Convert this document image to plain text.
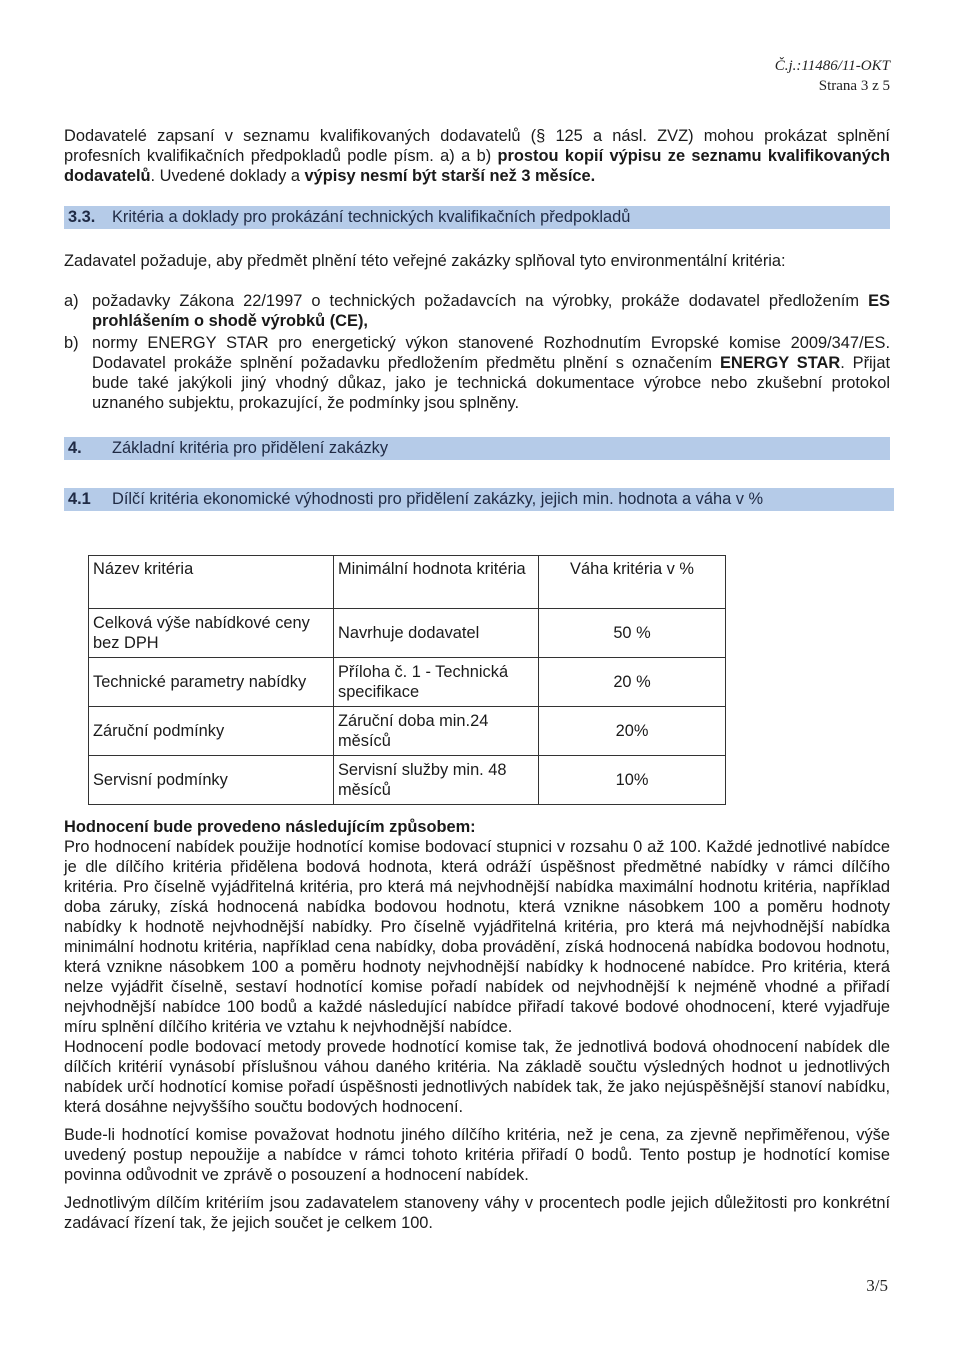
Č.j.:11486/11-OKT
Strana 3 z 5

Dodavatelé zapsaní v seznamu kvalifikovaných dodavatelů (§ 125 a násl. ZVZ) mohou prokázat splnění profesních kvalifikačních předpokladů podle písm. a) a b) prostou kopií výpisu ze seznamu kvalifikovaných dodavatelů. Uvedené doklady a výpisy nesmí být starší než 3 měsíce.

3.3. Kritéria a doklady pro prokázání technických kvalifikačních předpokladů

Zadavatel požaduje, aby předmět plnění této veřejné zakázky splňoval tyto environmentální kritéria:

a) požadavky Zákona 22/1997 o technických požadavcích na výrobky, prokáže dodavatel předložením ES prohlášením o shodě výrobků (CE),
b) normy ENERGY STAR pro energetický výkon stanovené Rozhodnutím Evropské komise 2009/347/ES. Dodavatel prokáže splnění požadavku předložením předmětu plnění s označením ENERGY STAR. Přijat bude také jakýkoli jiný vhodný důkaz, jako je technická dokumentace výrobce nebo zkušební protokol uznaného subjektu, prokazující, že podmínky jsou splněny.
4. Základní kritéria pro přidělení zakázky
4.1 Dílčí kritéria ekonomické výhodnosti pro přidělení zakázky, jejich min. hodnota a váha v %
Název kritéria	Minimální hodnota kritéria	Váha kritéria v %
Celková výše nabídkové ceny bez DPH	Navrhuje dodavatel	50 %
Technické parametry nabídky	Příloha č. 1 - Technická specifikace	20 %
Záruční podmínky	Záruční doba min.24 měsíců	20%
Servisní podmínky	Servisní služby min. 48 měsíců	10%

Hodnocení bude provedeno následujícím způsobem:

Pro hodnocení nabídek použije hodnotící komise bodovací stupnici v rozsahu 0 až 100. Každé jednotlivé nabídce je dle dílčího kritéria přidělena bodová hodnota, která odráží úspěšnost předmětné nabídky v rámci dílčího kritéria. Pro číselně vyjádřitelná kritéria, pro která má nejvhodnější nabídka maximální hodnotu kritéria, například doba záruky, získá hodnocená nabídka bodovou hodnotu, která vznikne násobkem 100 a poměru hodnoty nabídky k hodnotě nejvhodnější nabídky. Pro číselně vyjádřitelná kritéria, pro která má nejvhodnější nabídka minimální hodnotu kritéria, například cena nabídky, doba provádění, získá hodnocená nabídka bodovou hodnotu, která vznikne násobkem 100 a poměru hodnoty nejvhodnější nabídky k hodnocené nabídce. Pro kritéria, která nelze vyjádřit číselně, sestaví hodnotící komise pořadí nabídek od nejvhodnější k nejméně vhodné a přiřadí nejvhodnější nabídce 100 bodů a každé následující nabídce přiřadí takové bodové ohodnocení, které vyjadřuje míru splnění dílčího kritéria ve vztahu k nejvhodnější nabídce.

Hodnocení podle bodovací metody provede hodnotící komise tak, že jednotlivá bodová ohodnocení nabídek dle dílčích kritérií vynásobí příslušnou váhou daného kritéria. Na základě součtu výsledných hodnot u jednotlivých nabídek určí hodnotící komise pořadí úspěšnosti jednotlivých nabídek tak, že jako nejúspěšnější stanoví nabídku, která dosáhne nejvyššího součtu bodových hodnocení.

Bude-li hodnotící komise považovat hodnotu jiného dílčího kritéria, než je cena, za zjevně nepřiměřenou, výše uvedený postup nepoužije a nabídce v rámci tohoto kritéria přiřadí 0 bodů. Tento postup je hodnotící komise povinna odůvodnit ve zprávě o posouzení a hodnocení nabídek.

Jednotlivým dílčím kritériím jsou zadavatelem stanoveny váhy v procentech podle jejich důležitosti pro konkrétní zadávací řízení tak, že jejich součet je celkem 100.

3/5
